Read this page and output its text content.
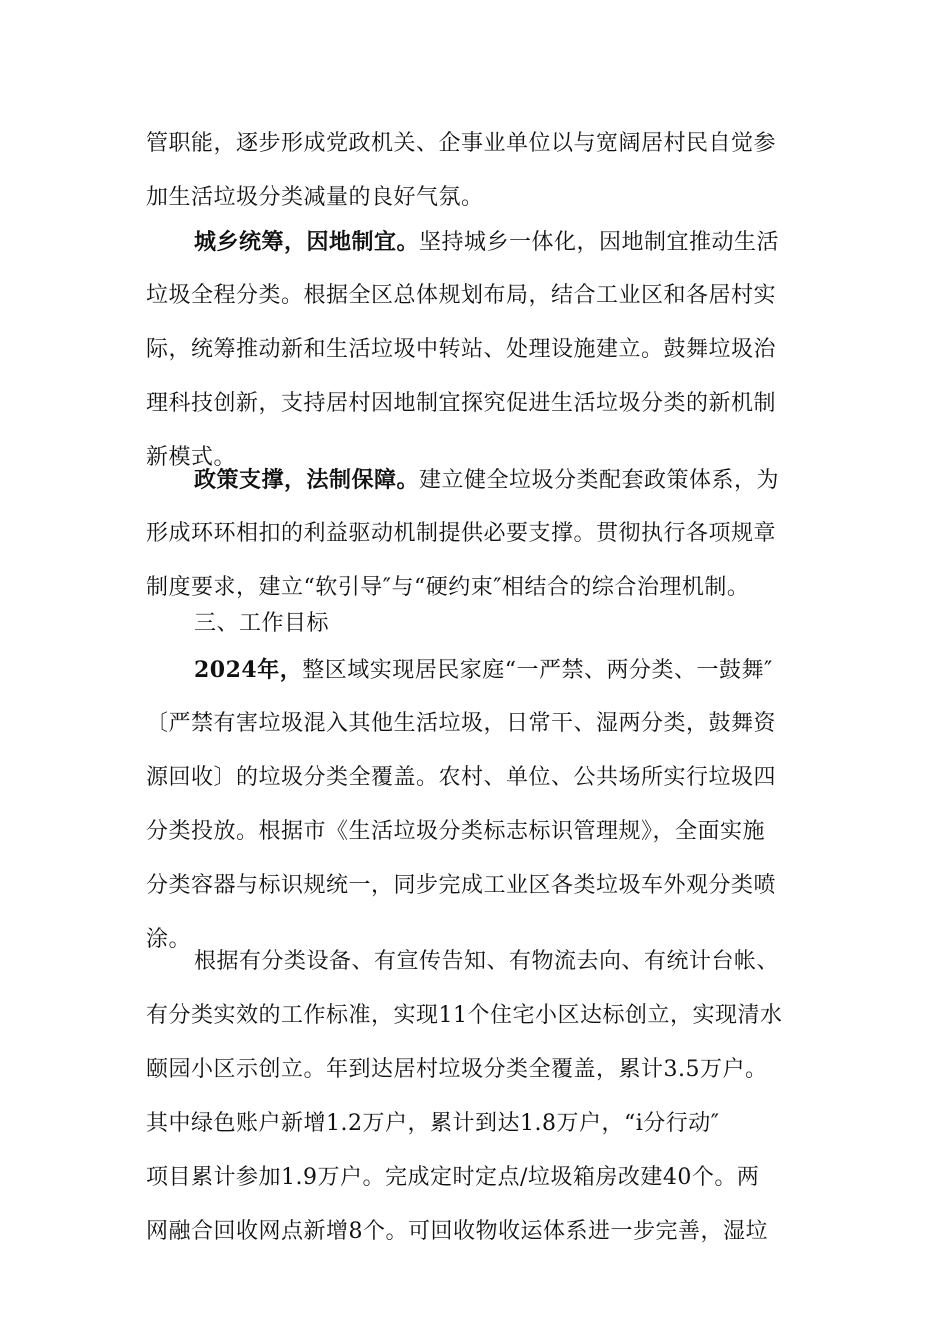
管职能，逐步形成党政机关、企事业单位以与宽阔居村民自觉参
加生活垃圾分类减量的良好气氛。
城乡统筹，因地制宜。坚持城乡一体化，因地制宜推动生活
垃圾全程分类。根据全区总体规划布局，结合工业区和各居村实
际，统筹推动新和生活垃圾中转站、处理设施建立。鼓舞垃圾治
理科技创新，支持居村因地制宜探究促进生活垃圾分类的新机制
新模式。
政策支撑，法制保障。建立健全垃圾分类配套政策体系，为
形成环环相扣的利益驱动机制提供必要支撑。贯彻执行各项规章
制度要求，建立“软引导″与“硬约束″相结合的综合治理机制。
三、工作目标
2024年，整区域实现居民家庭“一严禁、两分类、一鼓舞″
〔严禁有害垃圾混入其他生活垃圾，日常干、湿两分类，鼓舞资
源回收〕的垃圾分类全覆盖。农村、单位、公共场所实行垃圾四
分类投放。根据市《生活垃圾分类标志标识管理规》，全面实施
分类容器与标识规统一，同步完成工业区各类垃圾车外观分类喷
涂。
根据有分类设备、有宣传告知、有物流去向、有统计台帐、
有分类实效的工作标准，实现11个住宅小区达标创立，实现清水
颐园小区示创立。年到达居村垃圾分类全覆盖，累计3.5万户。
其中绿色账户新增1.2万户，累计到达1.8万户，“i分行动″
项目累计参加1.9万户。完成定时定点/垃圾箱房改建40个。两
网融合回收网点新增8个。可回收物收运体系进一步完善，湿垃
